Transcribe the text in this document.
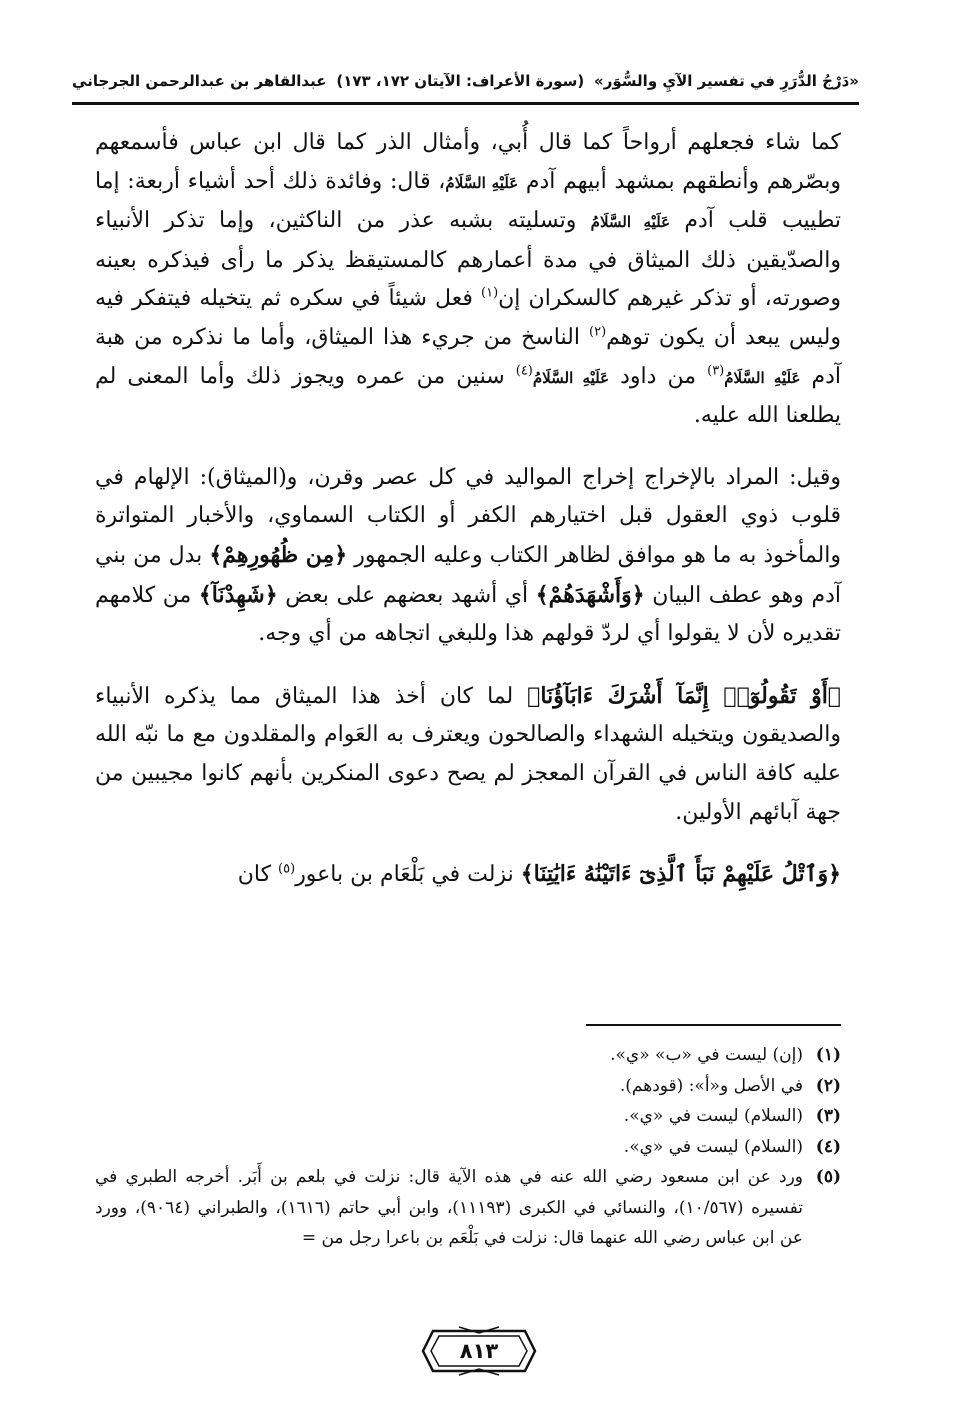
«دَرْجُ الدُّرَرِ في تفسير الآيِ والسُّوَر»
(سورة الأعراف: الآيتان ١٧٢، ١٧٣)
عبدالقاهر بن عبدالرحمن الجرجاني

كما شاء فجعلهم أرواحاً كما قال أُبي، وأمثال الذر كما قال ابن عباس فأسمعهم وبصّرهم وأنطقهم بمشهد أبيهم آدم عَلَيْهِ السَّلَامُ، قال: وفائدة ذلك أحد أشياء أربعة: إما تطييب قلب آدم عَلَيْهِ السَّلَامُ وتسليته بشبه عذر من الناكثين، وإما تذكر الأنبياء والصدّيقين ذلك الميثاق في مدة أعمارهم كالمستيقظ يذكر ما رأى فيذكره بعينه وصورته، أو تذكر غيرهم كالسكران إن$^{(١)}$ فعل شيئاً في سكره ثم يتخيله فيتفكر فيه وليس يبعد أن يكون توهم$^{(٢)}$ الناسخ من جريء هذا الميثاق، وأما ما نذكره من هبة آدم عَلَيْهِ السَّلَامُ$^{(٣)}$ من داود عَلَيْهِ السَّلَامُ$^{(٤)}$ سنين من عمره ويجوز ذلك وأما المعنى لم يطلعنا الله عليه.

وقيل: المراد بالإخراج إخراج المواليد في كل عصر وقرن، و(الميثاق): الإلهام في قلوب ذوي العقول قبل اختيارهم الكفر أو الكتاب السماوي، والأخبار المتواترة والمأخوذ به ما هو موافق لظاهر الكتاب وعليه الجمهور ﴿مِن ظُهُورِهِمْ﴾ بدل من بني آدم وهو عطف البيان ﴿وَأَشْهَدَهُمْ﴾ أي أشهد بعضهم على بعض ﴿شَهِدْنَآ﴾ من كلامهم تقديره لأن لا يقولوا أي لردّ قولهم هذا وللبغي اتجاهه من أي وجه.

﴿أَوْ تَقُولُوٓا۟ إِنَّمَآ أَشْرَكَ ءَابَآؤُنَا﴾ لما كان أخذ هذا الميثاق مما يذكره الأنبياء والصديقون ويتخيله الشهداء والصالحون ويعترف به العَوام والمقلدون مع ما نبّه الله عليه كافة الناس في القرآن المعجز لم يصح دعوى المنكرين بأنهم كانوا مجيبين من جهة آبائهم الأولين.

﴿وَٱتْلُ عَلَيْهِمْ نَبَأَ ٱلَّذِىٓ ءَاتَيْنَٰهُ ءَايَٰتِنَا﴾ نزلت في بَلْعَام بن باعور$^{(٥)}$ كان

(١)
(إن) ليست في «ب» «ي».
(٢)
في الأصل و«أ»: (قودهم).
(٣)
(السلام) ليست في «ي».
(٤)
(السلام) ليست في «ي».
(٥)
ورد عن ابن مسعود رضي الله عنه في هذه الآية قال: نزلت في بلعم بن أَبَر. أخرجه الطبري في تفسيره (١٠/٥٦٧)، والنسائي في الكبرى (١١١٩٣)، وابن أبي حاتم (١٦١٦)، والطبراني (٩٠٦٤)، وورد عن ابن عباس رضي الله عنهما قال: نزلت في بَلْعَم بن باعرا رجل من =
٨١٣
